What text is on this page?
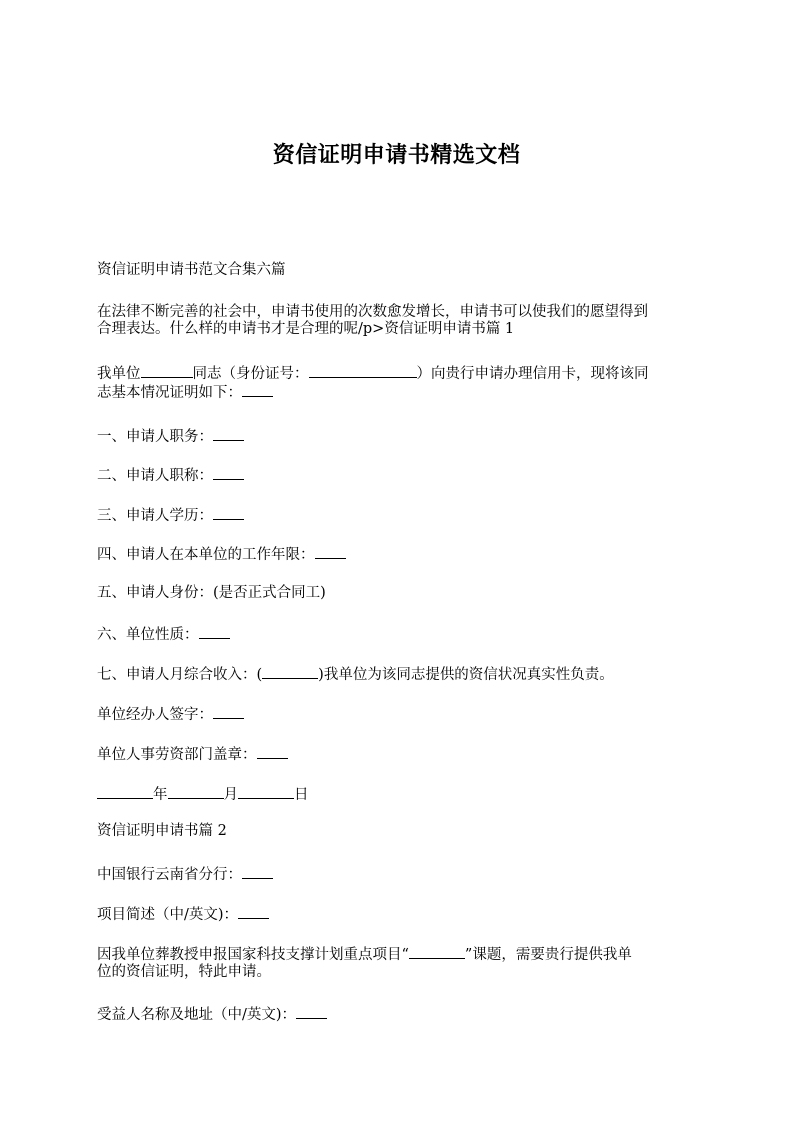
资信证明申请书精选文档

资信证明申请书范文合集六篇

在法律不断完善的社会中，申请书使用的次数愈发增长，申请书可以使我们的愿望得到
合理表达。什么样的申请书才是合理的呢/p>资信证明申请书篇 1

我单位	同志（身份证号：	）向贵行申请办理信用卡，现将该同
志基本情况证明如下：

一、申请人职务：

二、申请人职称：

三、申请人学历：

四、申请人在本单位的工作年限：

五、申请人身份：(是否正式合同工)

六、单位性质：

七、申请人月综合收入：(	)我单位为该同志提供的资信状况真实性负责。

单位经办人签字：

单位人事劳资部门盖章：

年	月	日

资信证明申请书篇 2

中国银行云南省分行：

项目简述（中/英文)：

因我单位葬教授申报国家科技支撑计划重点项目“	”课题，需要贵行提供我单
位的资信证明，特此申请。

受益人名称及地址（中/英文)：
